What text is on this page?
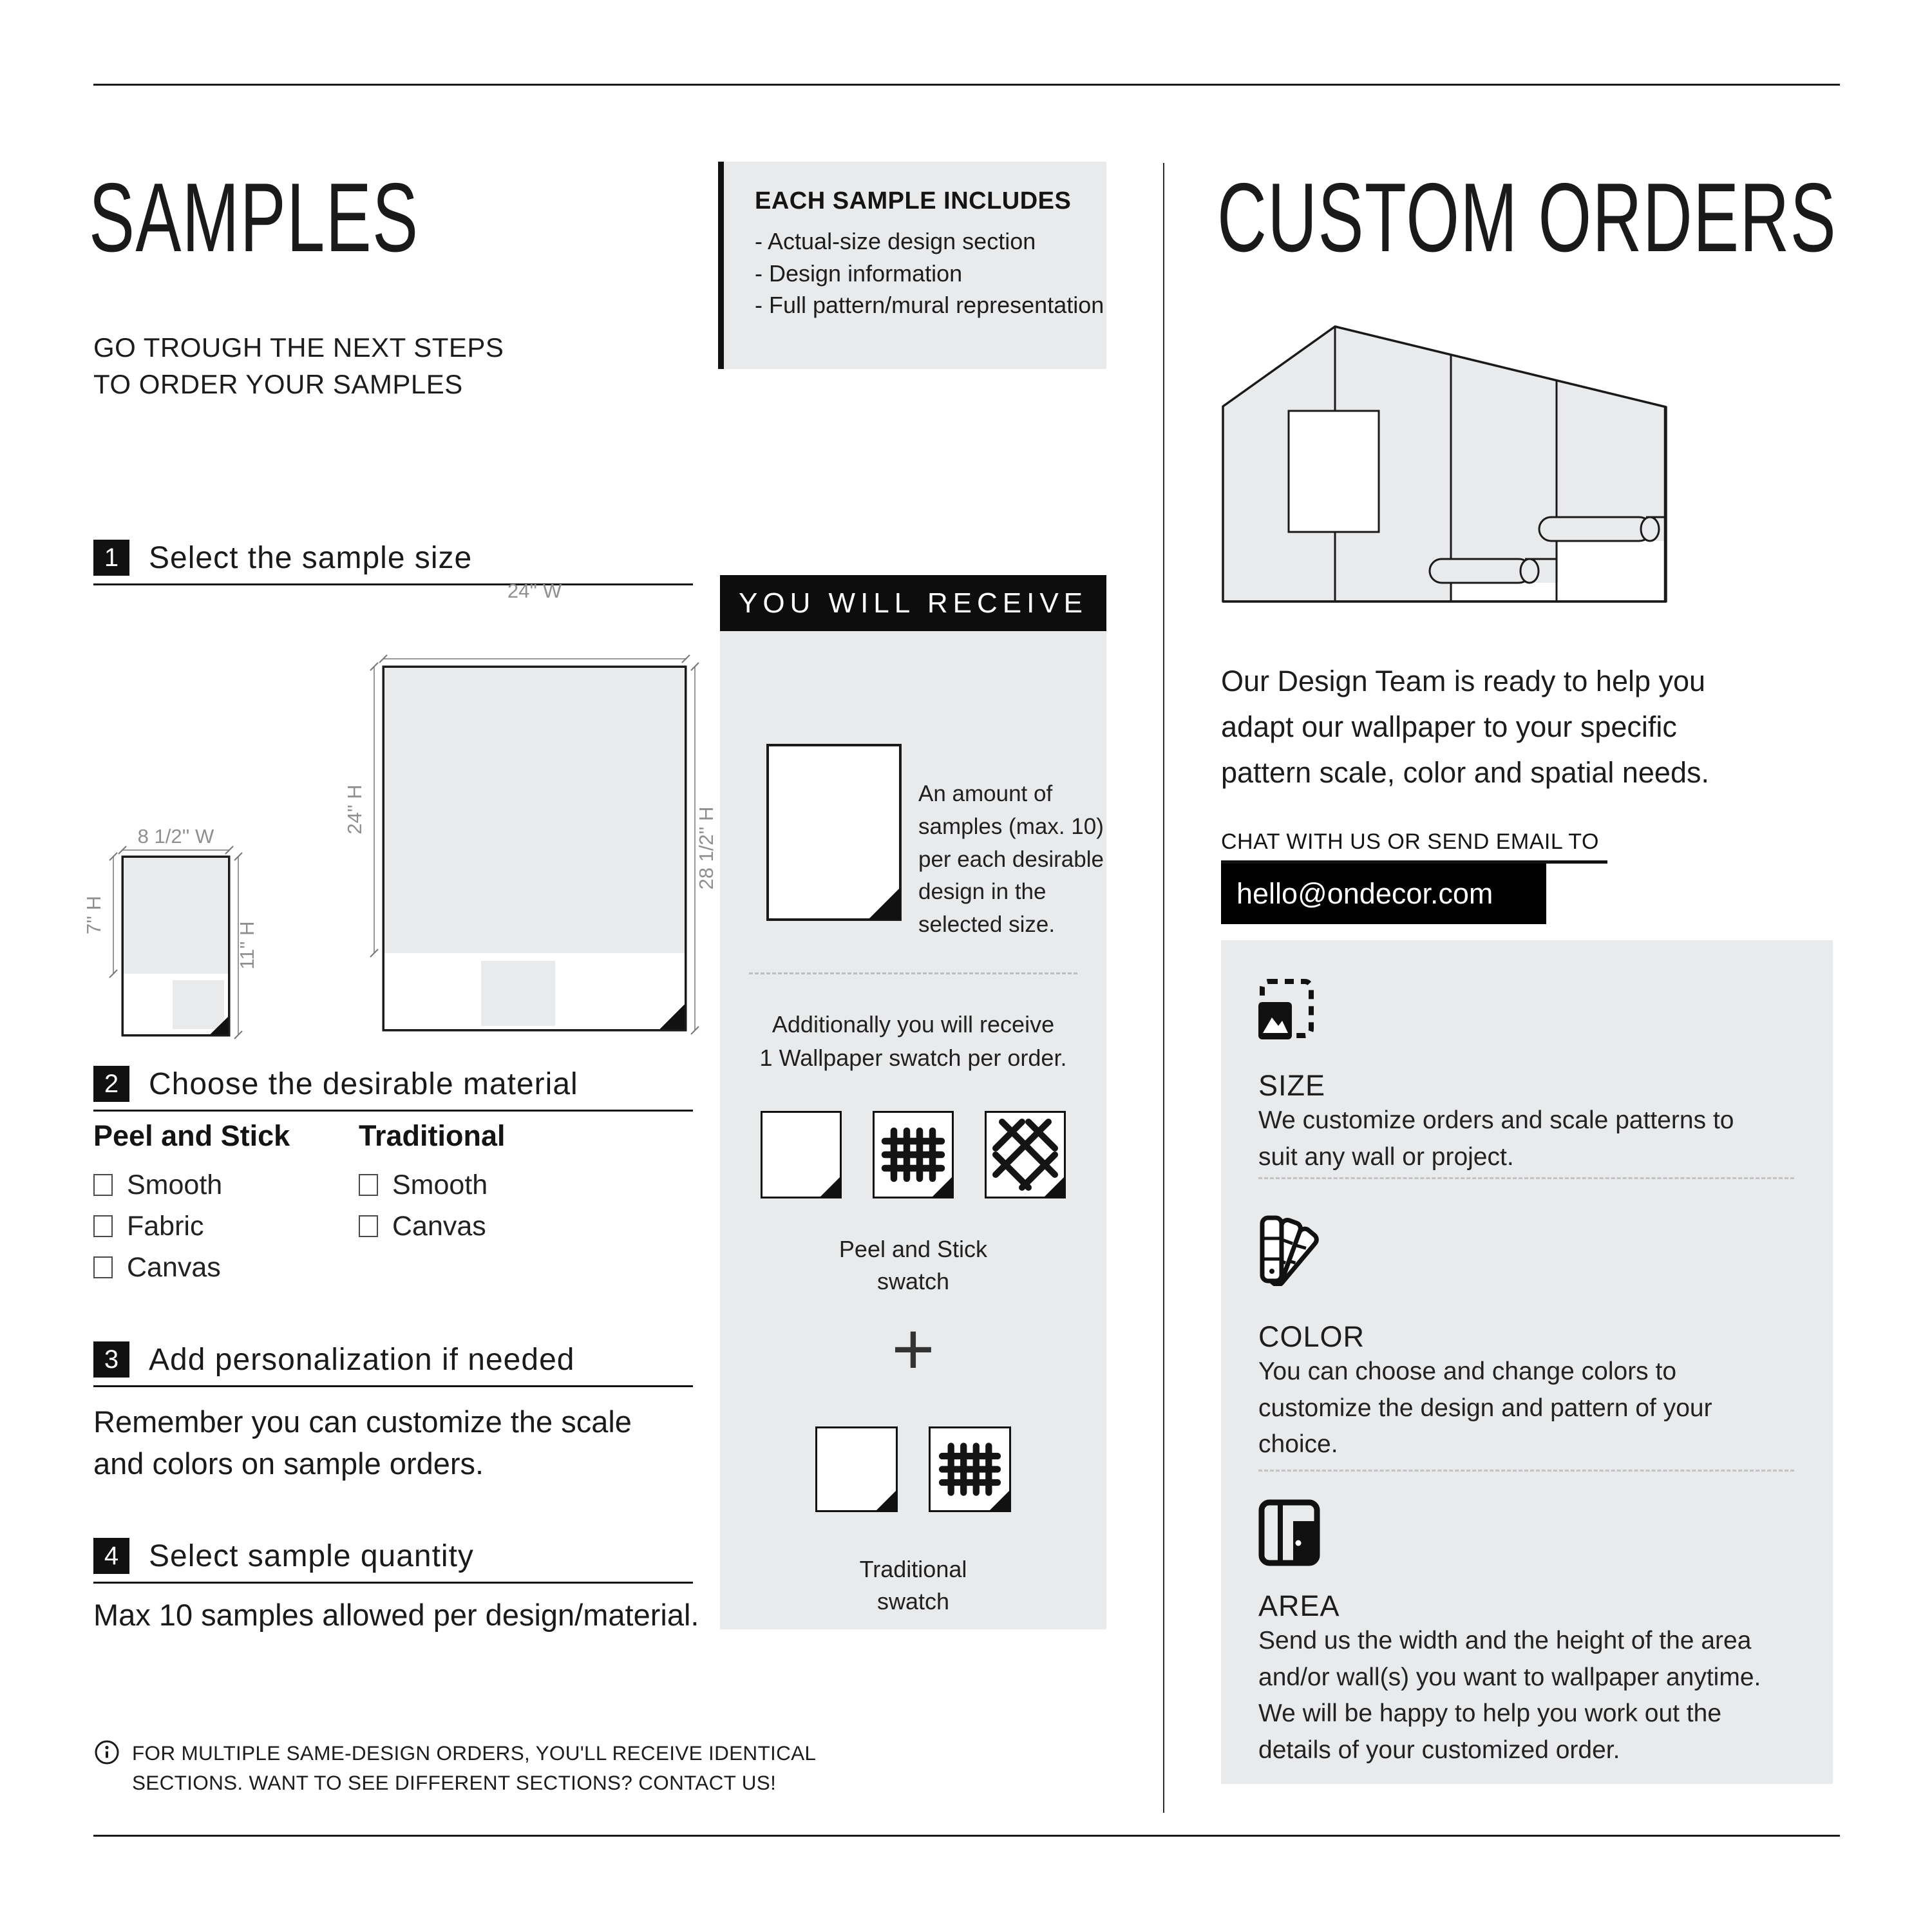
SAMPLES
GO TROUGH THE NEXT STEPS
TO ORDER YOUR SAMPLES
EACH SAMPLE INCLUDES
- Actual-size design section
- Design information
- Full pattern/mural representation
1 Select the sample size
2 Choose the desirable material
3 Add personalization if needed
4 Select sample quantity
8 1/2'' W
7'' H
11'' H
24'' W
24'' H	28 1/2'' H
Peel and Stick
Smooth
Fabric
Canvas
Traditional
Smooth
Canvas
Remember you can customize the scale and colors on sample orders.
Max 10 samples allowed per design/material.
FOR MULTIPLE SAME-DESIGN ORDERS, YOU'LL RECEIVE IDENTICAL
SECTIONS. WANT TO SEE DIFFERENT SECTIONS? CONTACT US!
YOU WILL RECEIVE
An amount of samples (max. 10) per each desirable design in the selected size.
Additionally you will receive
1 Wallpaper swatch per order.
Peel and Stick
swatch
+
Traditional
swatch
CUSTOM ORDERS
Our Design Team is ready to help you adapt our wallpaper to your specific pattern scale, color and spatial needs.
CHAT WITH US OR SEND EMAIL TO
hello@ondecor.com
SIZE
We customize orders and scale patterns to suit any wall or project.
COLOR
You can choose and change colors to customize the design and pattern of your choice.
AREA
Send us the width and the height of the area and/or wall(s) you want to wallpaper anytime. We will be happy to help you work out the details of your customized order.
